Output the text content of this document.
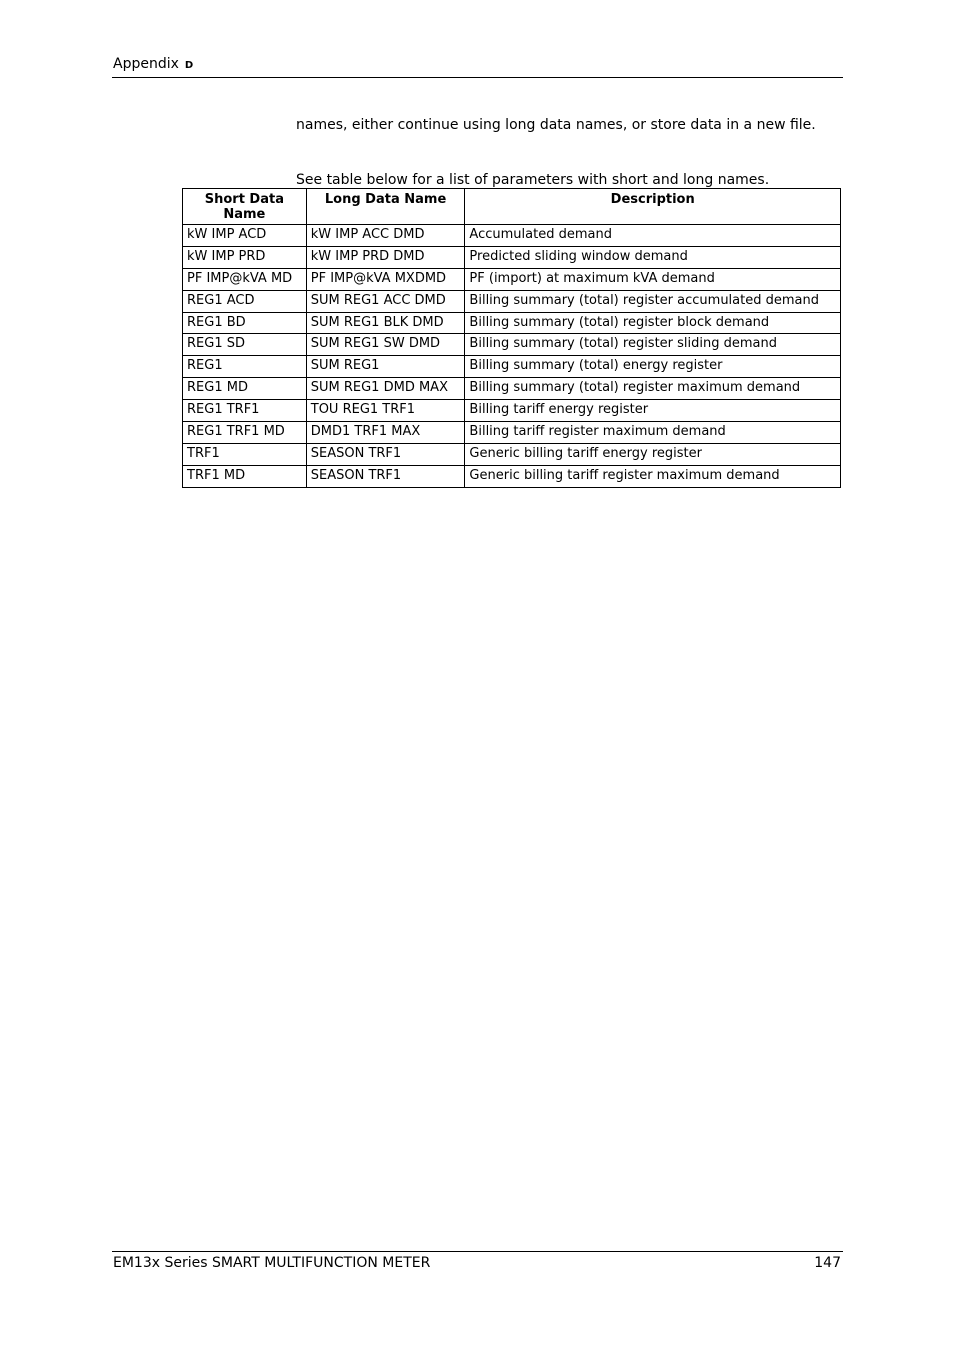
Appendix D
names, either continue using long data names, or store data in a new file.
See table below for a list of parameters with short and long names.
Short Data Name	Long Data Name	Description
kW IMP ACD	kW IMP ACC DMD	Accumulated demand
kW IMP PRD	kW IMP PRD DMD	Predicted sliding window demand
PF IMP@kVA MD	PF IMP@kVA MXDMD	PF (import) at maximum kVA demand
REG1 ACD	SUM REG1 ACC DMD	Billing summary (total) register accumulated demand
REG1 BD	SUM REG1 BLK DMD	Billing summary (total) register block demand
REG1 SD	SUM REG1 SW DMD	Billing summary (total) register sliding demand
REG1	SUM REG1	Billing summary (total) energy register
REG1 MD	SUM REG1 DMD MAX	Billing summary (total) register maximum demand
REG1 TRF1	TOU REG1 TRF1	Billing tariff energy register
REG1 TRF1 MD	DMD1 TRF1 MAX	Billing tariff register maximum demand
TRF1	SEASON TRF1	Generic billing tariff energy register
TRF1 MD	SEASON TRF1	Generic billing tariff register maximum demand
EM13x Series SMART MULTIFUNCTION METER	147
